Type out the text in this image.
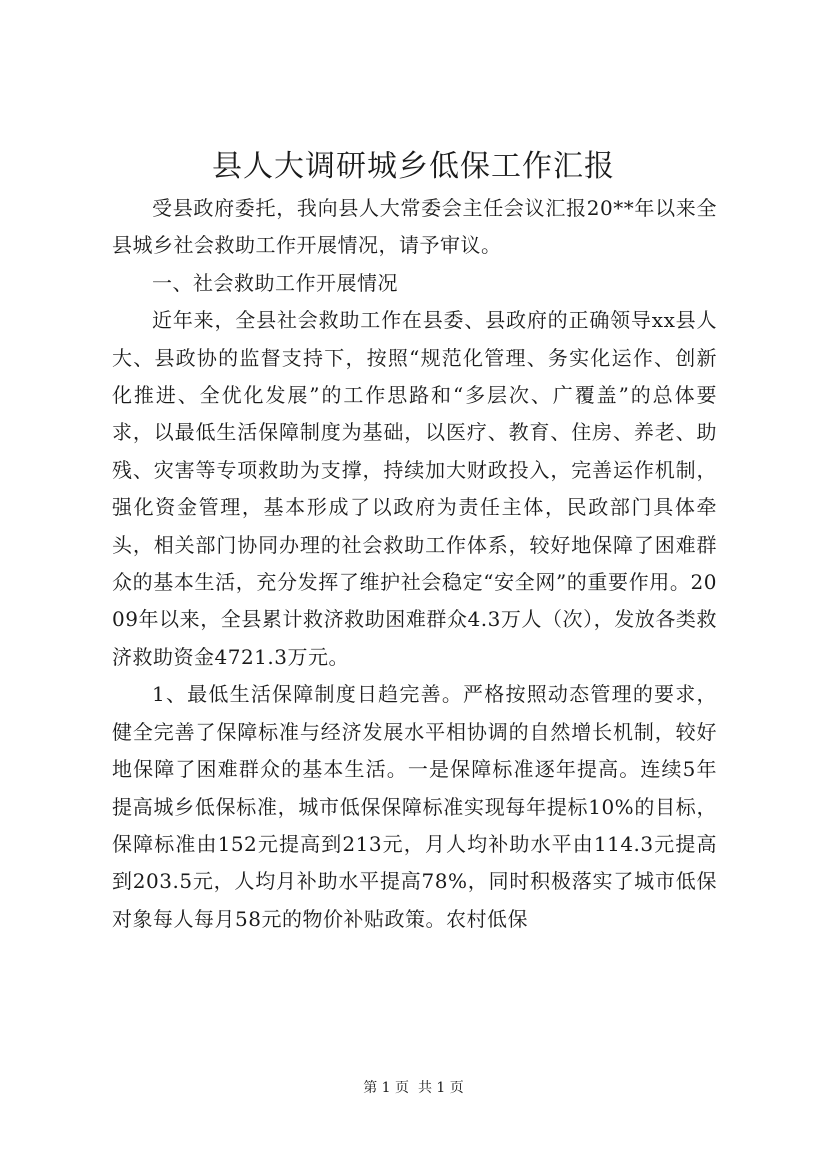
县人大调研城乡低保工作汇报

受县政府委托，我向县人大常委会主任会议汇报20**年以来全县城乡社会救助工作开展情况，请予审议。

一、社会救助工作开展情况

近年来，全县社会救助工作在县委、县政府的正确领导xx县人大、县政协的监督支持下，按照“规范化管理、务实化运作、创新化推进、全优化发展”的工作思路和“多层次、广覆盖”的总体要求，以最低生活保障制度为基础，以医疗、教育、住房、养老、助残、灾害等专项救助为支撑，持续加大财政投入，完善运作机制，强化资金管理，基本形成了以政府为责任主体，民政部门具体牵头，相关部门协同办理的社会救助工作体系，较好地保障了困难群众的基本生活，充分发挥了维护社会稳定“安全网”的重要作用。2009年以来，全县累计救济救助困难群众4.3万人（次），发放各类救济救助资金4721.3万元。

1、最低生活保障制度日趋完善。严格按照动态管理的要求，健全完善了保障标准与经济发展水平相协调的自然增长机制，较好地保障了困难群众的基本生活。一是保障标准逐年提高。连续5年提高城乡低保标准，城市低保保障标准实现每年提标10%的目标，保障标准由152元提高到213元，月人均补助水平由114.3元提高到203.5元，人均月补助水平提高78%，同时积极落实了城市低保对象每人每月58元的物价补贴政策。农村低保

第 1 页  共 1 页
